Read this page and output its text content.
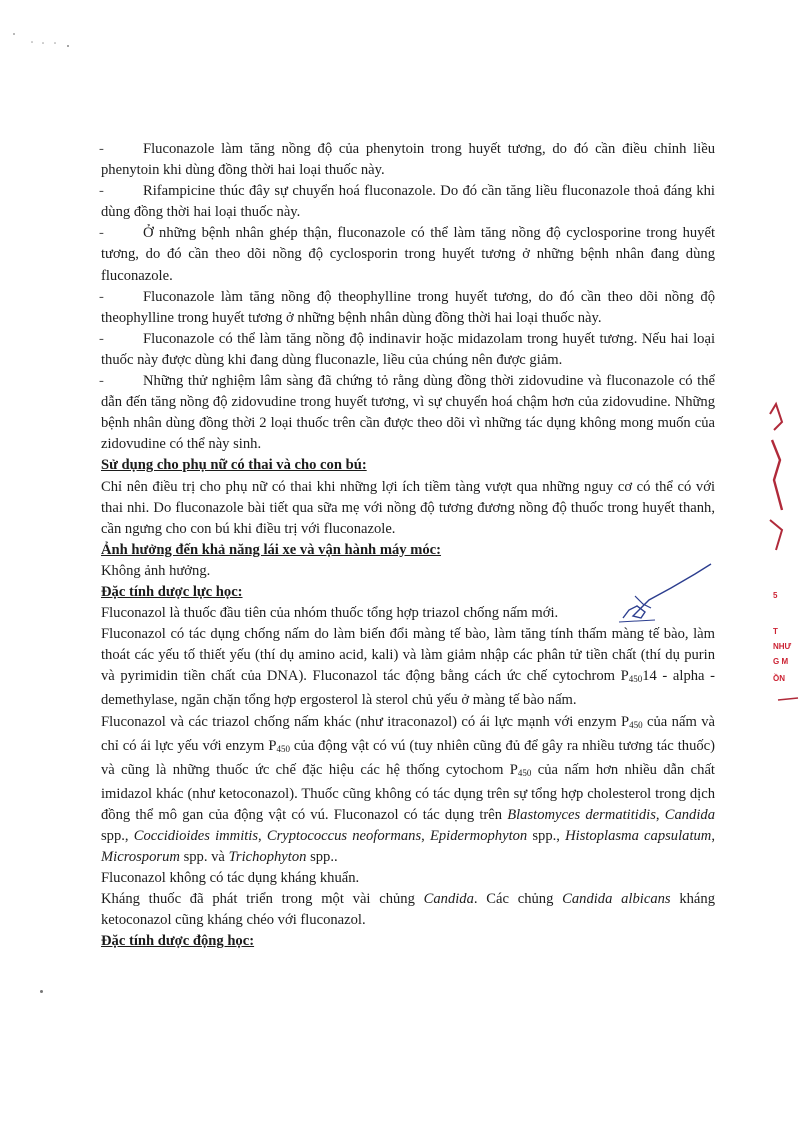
-	Fluconazole làm tăng nồng độ của phenytoin trong huyết tương, do đó cần điều chỉnh liều phenytoin khi dùng đồng thời hai loại thuốc này.

-	Rifampicine thúc đây sự chuyển hoá fluconazole. Do đó cần tăng liều fluconazole thoả đáng khi dùng đồng thời hai loại thuốc này.

-	Ở những bệnh nhân ghép thận, fluconazole có thể làm tăng nồng độ cyclosporine trong huyết tương, do đó cần theo dõi nồng độ cyclosporin trong huyết tương ở những bệnh nhân đang dùng fluconazole.

-	Fluconazole làm tăng nồng độ theophylline trong huyết tương, do đó cần theo dõi nồng độ theophylline trong huyết tương ở những bệnh nhân dùng đồng thời hai loại thuốc này.

-	Fluconazole có thể làm tăng nồng độ indinavir hoặc midazolam trong huyết tương. Nếu hai loại thuốc này được dùng khi đang dùng fluconazle, liều của chúng nên được giảm.

-	Những thử nghiệm lâm sàng đã chứng tỏ rằng dùng đồng thời zidovudine và fluconazole có thể dẫn đến tăng nồng độ zidovudine trong huyết tương, vì sự chuyển hoá chậm hơn của zidovudine. Những bệnh nhân dùng đồng thời 2 loại thuốc trên cần được theo dõi vì những tác dụng không mong muốn của zidovudine có thể này sinh.

Sử dụng cho phụ nữ có thai và cho con bú:

Chỉ nên điều trị cho phụ nữ có thai khi những lợi ích tiềm tàng vượt qua những nguy cơ có thể có với thai nhi. Do fluconazole bài tiết qua sữa mẹ với nồng độ tương đương nồng độ thuốc trong huyết thanh, cần ngưng cho con bú khi điều trị với fluconazole.

Ảnh hưởng đến khả năng lái xe và vận hành máy móc:

Không ảnh hưởng.

Đặc tính dược lực học:

Fluconazol là thuốc đầu tiên của nhóm thuốc tổng hợp triazol chống nấm mới.

Fluconazol có tác dụng chống nấm do làm biến đổi màng tế bào, làm tăng tính thấm màng tế bào, làm thoát các yếu tố thiết yếu (thí dụ amino acid, kali) và làm giảm nhập các phân tử tiền chất (thí dụ purin và pyrimidin tiền chất của DNA). Fluconazol tác động bằng cách ức chế cytochrom $P_{450}14$ - alpha - demethylase, ngăn chặn tổng hợp ergosterol là sterol chủ yếu ở màng tế bào nấm.

Fluconazol và các triazol chống nấm khác (như itraconazol) có ái lực mạnh với enzym $P_{450}$ của nấm và chỉ có ái lực yếu với enzym $P_{450}$ của động vật có vú (tuy nhiên cũng đủ để gây ra nhiều tương tác thuốc) và cũng là những thuốc ức chế đặc hiệu các hệ thống cytochom $P_{450}$ của nấm hơn nhiều dẫn chất imidazol khác (như ketoconazol). Thuốc cũng không có tác dụng trên sự tổng hợp cholesterol trong dịch đồng thể mô gan của động vật có vú. Fluconazol có tác dụng trên Blastomyces dermatitidis, Candida spp., Coccidioides immitis, Cryptococcus neoformans, Epidermophyton spp., Histoplasma capsulatum, Microsporum spp. và Trichophyton spp..

Fluconazol không có tác dụng kháng khuẩn.

Kháng thuốc đã phát triển trong một vài chủng Candida. Các chủng Candida albicans kháng ketoconazol cũng kháng chéo với fluconazol.

Đặc tính dược động học:

5
T
NHƯ
G M
ỒN
